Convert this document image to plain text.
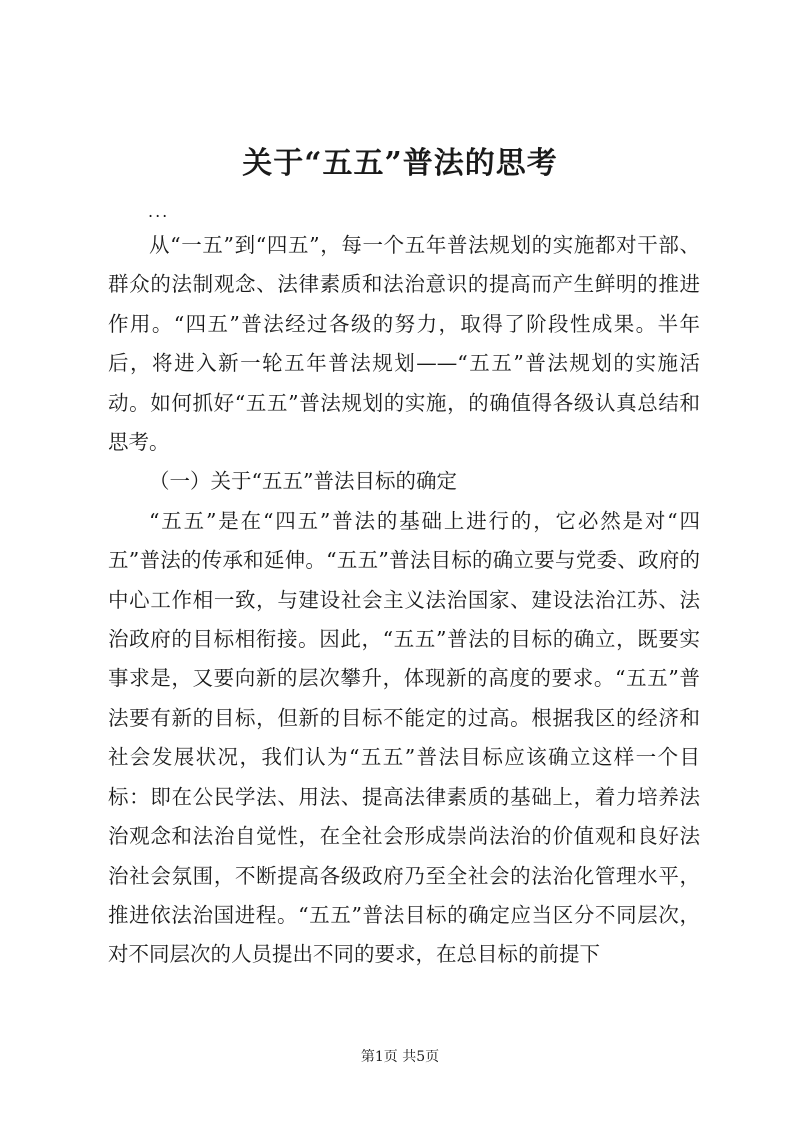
关于“五五”普法的思考
...

从“一五”到“四五”，每一个五年普法规划的实施都对干部、群众的法制观念、法律素质和法治意识的提高而产生鲜明的推进作用。“四五”普法经过各级的努力，取得了阶段性成果。半年后，将进入新一轮五年普法规划——“五五”普法规划的实施活动。如何抓好“五五”普法规划的实施，的确值得各级认真总结和思考。

（一）关于“五五”普法目标的确定

“五五”是在“四五”普法的基础上进行的，它必然是对“四五”普法的传承和延伸。“五五”普法目标的确立要与党委、政府的中心工作相一致，与建设社会主义法治国家、建设法治江苏、法治政府的目标相衔接。因此，“五五”普法的目标的确立，既要实事求是，又要向新的层次攀升，体现新的高度的要求。“五五”普法要有新的目标，但新的目标不能定的过高。根据我区的经济和社会发展状况，我们认为“五五”普法目标应该确立这样一个目标：即在公民学法、用法、提高法律素质的基础上，着力培养法治观念和法治自觉性，在全社会形成崇尚法治的价值观和良好法治社会氛围，不断提高各级政府乃至全社会的法治化管理水平，推进依法治国进程。“五五”普法目标的确定应当区分不同层次，对不同层次的人员提出不同的要求，在总目标的前提下

第1页 共5页
